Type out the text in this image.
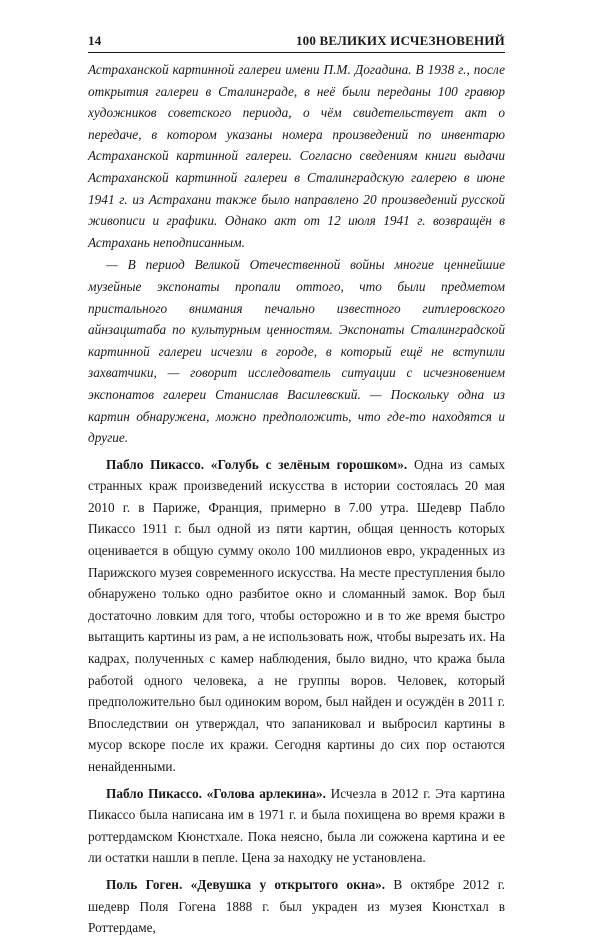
14	100 ВЕЛИКИХ ИСЧЕЗНОВЕНИЙ

Астраханской картинной галереи имени П.М. Догадина. В 1938 г., после открытия галереи в Сталинграде, в неё были переданы 100 гравюр художников советского периода, о чём свидетельствует акт о передаче, в котором указаны номера произведений по инвентарю Астраханской картинной галереи. Согласно сведениям книги выдачи Астраханской картинной галереи в Сталинградскую галерею в июне 1941 г. из Астрахани также было направлено 20 произведений русской живописи и графики. Однако акт от 12 июля 1941 г. возвращён в Астрахань неподписанным.

— В период Великой Отечественной войны многие ценнейшие музейные экспонаты пропали оттого, что были предметом пристального внимания печально известного гитлеровского айнзацштаба по культурным ценностям. Экспонаты Сталинградской картинной галереи исчезли в городе, в который ещё не вступили захватчики, — говорит исследователь ситуации с исчезновением экспонатов галереи Станислав Василевский. — Поскольку одна из картин обнаружена, можно предположить, что где-то находятся и другие.

Пабло Пикассо. «Голубь с зелёным горошком». Одна из самых странных краж произведений искусства в истории состоялась 20 мая 2010 г. в Париже, Франция, примерно в 7.00 утра. Шедевр Пабло Пикассо 1911 г. был одной из пяти картин, общая ценность которых оценивается в общую сумму около 100 миллионов евро, украденных из Парижского музея современного искусства. На месте преступления было обнаружено только одно разбитое окно и сломанный замок. Вор был достаточно ловким для того, чтобы осторожно и в то же время быстро вытащить картины из рам, а не использовать нож, чтобы вырезать их. На кадрах, полученных с камер наблюдения, было видно, что кража была работой одного человека, а не группы воров. Человек, который предположительно был одиноким вором, был найден и осуждён в 2011 г. Впоследствии он утверждал, что запаниковал и выбросил картины в мусор вскоре после их кражи. Сегодня картины до сих пор остаются ненайденными.

Пабло Пикассо. «Голова арлекина». Исчезла в 2012 г. Эта картина Пикассо была написана им в 1971 г. и была похищена во время кражи в роттердамском Кюнстхале. Пока неясно, была ли сожжена картина и ее ли остатки нашли в пепле. Цена за находку не установлена.

Поль Гоген. «Девушка у открытого окна». В октябре 2012 г. шедевр Поля Гогена 1888 г. был украден из музея Кюнстхал в Роттердаме,
